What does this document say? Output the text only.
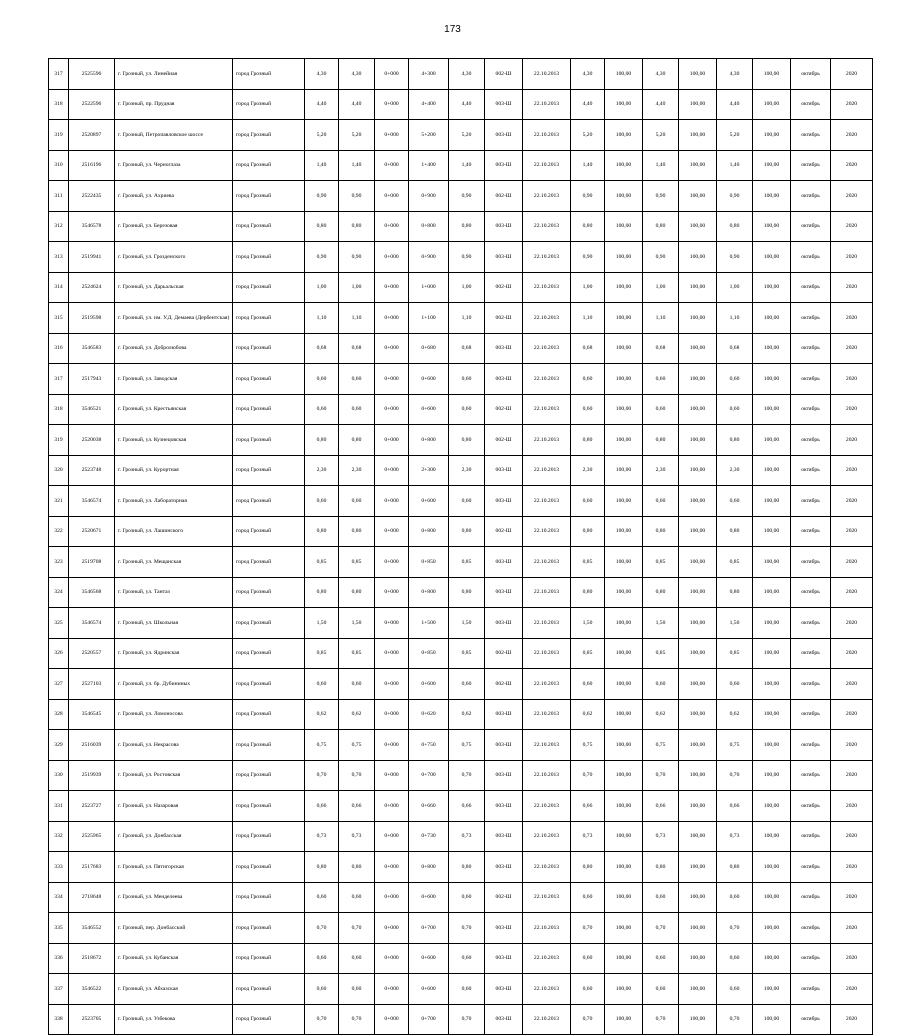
173
317	2525596	г. Грозный, ул. Линейная	город Грозный	4,30	4,30	0+000	4+300	4,30	002-Ш	22.10.2013	4,30	100,00	4,30	100,00	4,30	100,00	октябрь	2020
318	2522596	г. Грозный, пр. Прудная	город Грозный	4,40	4,40	0+000	4+400	4,40	003-Ш	22.10.2013	4,40	100,00	4,40	100,00	4,40	100,00	октябрь	2020
319	2520897	г. Грозный, Петропавловское шоссе	город Грозный	5,20	5,20	0+000	5+200	5,20	003-Ш	22.10.2013	5,20	100,00	5,20	100,00	5,20	100,00	октябрь	2020
310	2516196	г. Грозный, ул. Черноглаза	город Грозный	1,40	1,40	0+000	1+400	1,40	003-Ш	22.10.2013	1,40	100,00	1,40	100,00	1,40	100,00	октябрь	2020
311	2522435	г. Грозный, ул. Ахриева	город Грозный	0,90	0,90	0+000	0+900	0,90	002-Ш	22.10.2013	0,90	100,00	0,90	100,00	0,90	100,00	октябрь	2020
312	3546578	г. Грозный, ул. Березовая	город Грозный	0,80	0,80	0+000	0+800	0,80	003-Ш	22.10.2013	0,80	100,00	0,80	100,00	0,80	100,00	октябрь	2020
313	2519941	г. Грозный, ул. Грозденского	город Грозный	0,90	0,90	0+000	0+900	0,90	003-Ш	22.10.2013	0,90	100,00	0,90	100,00	0,90	100,00	октябрь	2020
314	2524624	г. Грозный, ул. Дарьальская	город Грозный	1,00	1,00	0+000	1+000	1,00	002-Ш	22.10.2013	1,00	100,00	1,00	100,00	1,00	100,00	октябрь	2020
315	2519598	г. Грозный, ул. им. У.Д. Демаева (Дербентская)	город Грозный	1,10	1,10	0+000	1+100	1,10	002-Ш	22.10.2013	1,10	100,00	1,10	100,00	1,10	100,00	октябрь	2020
316	3546583	г. Грозный, ул. Добролюбова	город Грозный	0,68	0,68	0+000	0+680	0,68	003-Ш	22.10.2013	0,68	100,00	0,68	100,00	0,68	100,00	октябрь	2020
317	2517943	г. Грозный, ул. Заводская	город Грозный	0,60	0,60	0+000	0+600	0,60	003-Ш	22.10.2013	0,60	100,00	0,60	100,00	0,60	100,00	октябрь	2020
318	3546521	г. Грозный, ул. Крестьянская	город Грозный	0,60	0,60	0+000	0+600	0,60	002-Ш	22.10.2013	0,60	100,00	0,60	100,00	0,60	100,00	октябрь	2020
319	2520038	г. Грозный, ул. Кузнецовская	город Грозный	0,80	0,80	0+000	0+800	0,80	002-Ш	22.10.2013	0,80	100,00	0,80	100,00	0,80	100,00	октябрь	2020
320	2523748	г. Грозный, ул. Курортная	город Грозный	2,30	2,30	0+000	2+300	2,30	003-Ш	22.10.2013	2,30	100,00	2,30	100,00	2,30	100,00	октябрь	2020
321	3546574	г. Грозный, ул. Лабораторная	город Грозный	0,60	0,60	0+000	0+600	0,60	003-Ш	22.10.2013	0,60	100,00	0,60	100,00	0,60	100,00	октябрь	2020
322	2520671	г. Грозный, ул. Лашинского	город Грозный	0,80	0,80	0+000	0+800	0,80	002-Ш	22.10.2013	0,80	100,00	0,80	100,00	0,80	100,00	октябрь	2020
323	2519708	г. Грозный, ул. Мещанская	город Грозный	0,85	0,85	0+000	0+850	0,85	003-Ш	22.10.2013	0,85	100,00	0,85	100,00	0,85	100,00	октябрь	2020
324	3546568	г. Грозный, ул. Тантаз	город Грозный	0,80	0,80	0+000	0+800	0,80	003-Ш	22.10.2013	0,80	100,00	0,80	100,00	0,80	100,00	октябрь	2020
325	3546574	г. Грозный, ул. Школьная	город Грозный	1,50	1,50	0+000	1+500	1,50	003-Ш	22.10.2013	1,50	100,00	1,50	100,00	1,50	100,00	октябрь	2020
326	2520557	г. Грозный, ул. Ядринская	город Грозный	0,85	0,85	0+000	0+850	0,85	002-Ш	22.10.2013	0,85	100,00	0,85	100,00	0,85	100,00	октябрь	2020
327	2527103	г. Грозный, ул. бр. Дубининых	город Грозный	0,60	0,60	0+000	0+600	0,60	002-Ш	22.10.2013	0,60	100,00	0,60	100,00	0,60	100,00	октябрь	2020
328	3546545	г. Грозный, ул. Ломоносова	город Грозный	0,62	0,62	0+000	0+620	0,62	003-Ш	22.10.2013	0,62	100,00	0,62	100,00	0,62	100,00	октябрь	2020
329	2516039	г. Грозный, ул. Некрасова	город Грозный	0,75	0,75	0+000	0+750	0,75	003-Ш	22.10.2013	0,75	100,00	0,75	100,00	0,75	100,00	октябрь	2020
330	2519939	г. Грозный, ул. Ростовская	город Грозный	0,70	0,70	0+000	0+700	0,70	003-Ш	22.10.2013	0,70	100,00	0,70	100,00	0,70	100,00	октябрь	2020
331	2523727	г. Грозный, ул. Назаровая	город Грозный	0,66	0,66	0+000	0+660	0,66	003-Ш	22.10.2013	0,66	100,00	0,66	100,00	0,66	100,00	октябрь	2020
332	2525965	г. Грозный, ул. Донбасская	город Грозный	0,73	0,73	0+000	0+730	0,73	003-Ш	22.10.2013	0,73	100,00	0,73	100,00	0,73	100,00	октябрь	2020
333	2517683	г. Грозный, ул. Пятигорская	город Грозный	0,80	0,80	0+000	0+800	0,80	003-Ш	22.10.2013	0,80	100,00	0,80	100,00	0,80	100,00	октябрь	2020
334	2718648	г. Грозный, ул. Менделеева	город Грозный	0,60	0,60	0+000	0+600	0,60	002-Ш	22.10.2013	0,60	100,00	0,60	100,00	0,60	100,00	октябрь	2020
335	3546552	г. Грозный, пер. Донбасский	город Грозный	0,70	0,70	0+000	0+700	0,70	003-Ш	22.10.2013	0,70	100,00	0,70	100,00	0,70	100,00	октябрь	2020
336	2518672	г. Грозный, ул. Кубанская	город Грозный	0,60	0,60	0+000	0+600	0,60	003-Ш	22.10.2013	0,60	100,00	0,60	100,00	0,60	100,00	октябрь	2020
337	3546522	г. Грозный, ул. Абхазская	город Грозный	0,60	0,60	0+000	0+600	0,60	003-Ш	22.10.2013	0,60	100,00	0,60	100,00	0,60	100,00	октябрь	2020
338	2523705	г. Грозный, ул. Узбекова	город Грозный	0,70	0,70	0+000	0+700	0,70	003-Ш	22.10.2013	0,70	100,00	0,70	100,00	0,70	100,00	октябрь	2020
